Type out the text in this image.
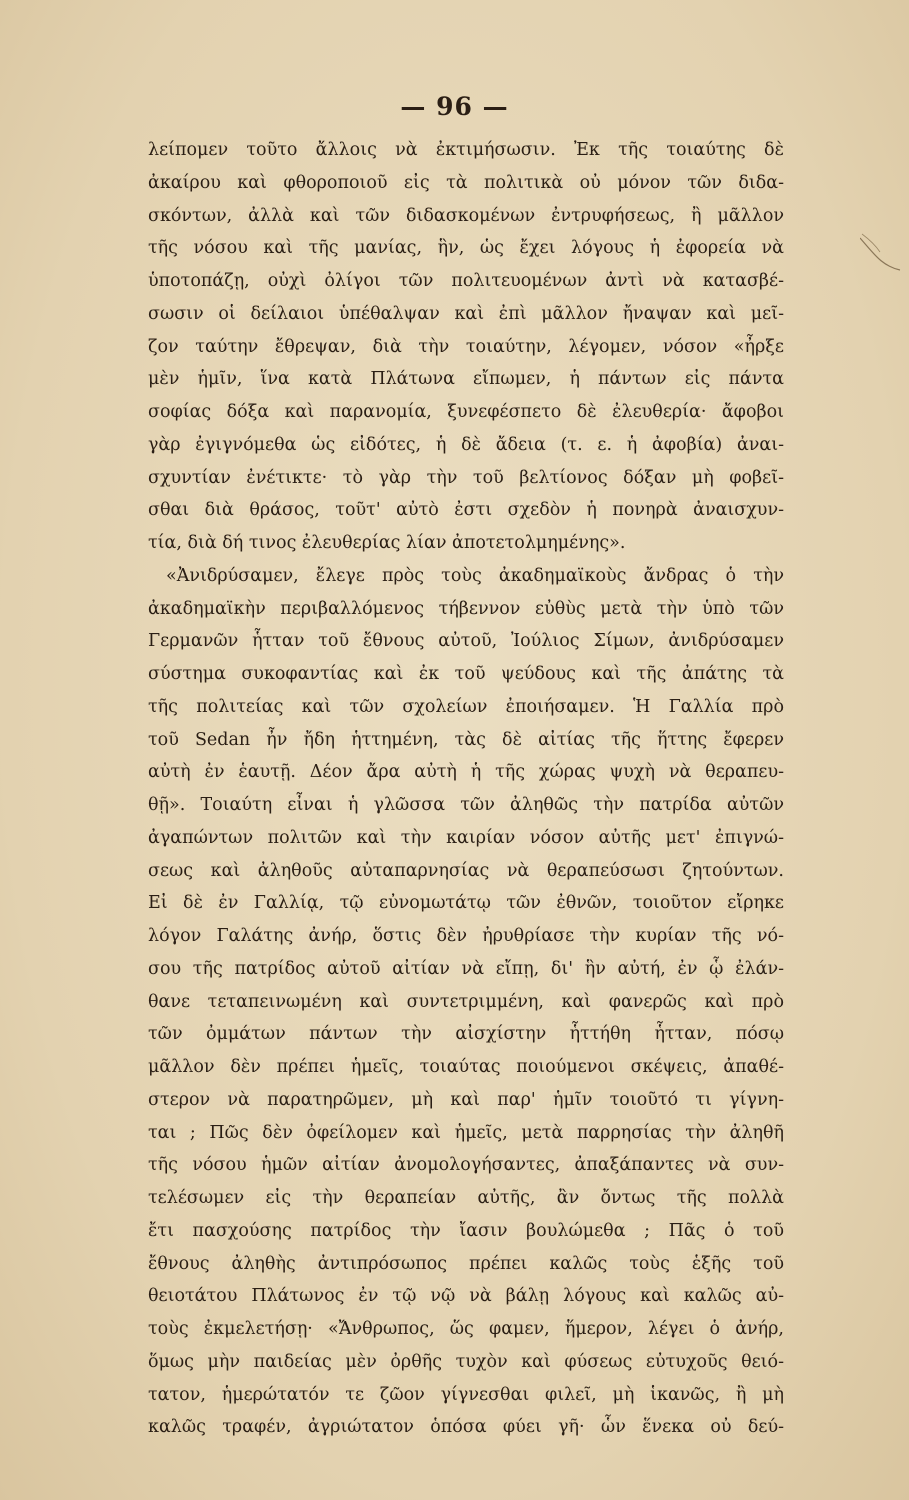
— 96 —
λείπομεν τοῦτο ἄλλοις νὰ ἐκτιμήσωσιν. Ἐκ τῆς τοιαύτης δὲ
ἀκαίρου καὶ φθοροποιοῦ εἰς τὰ πολιτικὰ οὐ μόνον τῶν διδα-
σκόντων, ἀλλὰ καὶ τῶν διδασκομένων ἐντρυφήσεως, ἢ μᾶλλον
τῆς νόσου καὶ τῆς μανίας, ἣν, ὡς ἔχει λόγους ἡ ἐφορεία νὰ
ὑποτοπάζῃ, οὐχὶ ὀλίγοι τῶν πολιτευομένων ἀντὶ νὰ κατασβέ-
σωσιν οἱ δείλαιοι ὑπέθαλψαν καὶ ἐπὶ μᾶλλον ἤναψαν καὶ μεῖ-
ζον ταύτην ἔθρεψαν, διὰ τὴν τοιαύτην, λέγομεν, νόσον «ἦρξε
μὲν ἡμῖν, ἵνα κατὰ Πλάτωνα εἴπωμεν, ἡ πάντων εἰς πάντα
σοφίας δόξα καὶ παρανομία, ξυνεφέσπετο δὲ ἐλευθερία· ἄφοβοι
γὰρ ἐγιγνόμεθα ὡς εἰδότες, ἡ δὲ ἄδεια (τ. ε. ἡ ἀφοβία) ἀναι-
σχυντίαν ἐνέτικτε· τὸ γὰρ τὴν τοῦ βελτίονος δόξαν μὴ φοβεῖ-
σθαι διὰ θράσος, τοῦτ' αὐτὸ ἐστι σχεδὸν ἡ πονηρὰ ἀναισχυν-
τία, διὰ δή τινος ἐλευθερίας λίαν ἀποτετολμημένης».
«Ἀνιδρύσαμεν, ἔλεγε πρὸς τοὺς ἀκαδημαϊκοὺς ἄνδρας ὁ τὴν
ἀκαδημαϊκὴν περιβαλλόμενος τήβεννον εὐθὺς μετὰ τὴν ὑπὸ τῶν
Γερμανῶν ἧτταν τοῦ ἔθνους αὐτοῦ, Ἰούλιος Σίμων, ἀνιδρύσαμεν
σύστημα συκοφαντίας καὶ ἐκ τοῦ ψεύδους καὶ τῆς ἀπάτης τὰ
τῆς πολιτείας καὶ τῶν σχολείων ἐποιήσαμεν. Ἡ Γαλλία πρὸ
τοῦ Sedan ἦν ἤδη ἡττημένη, τὰς δὲ αἰτίας τῆς ἥττης ἔφερεν
αὐτὴ ἐν ἑαυτῇ. Δέον ἄρα αὐτὴ ἡ τῆς χώρας ψυχὴ νὰ θεραπευ-
θῇ». Τοιαύτη εἶναι ἡ γλῶσσα τῶν ἀληθῶς τὴν πατρίδα αὐτῶν
ἀγαπώντων πολιτῶν καὶ τὴν καιρίαν νόσον αὐτῆς μετ' ἐπιγνώ-
σεως καὶ ἀληθοῦς αὐταπαρνησίας νὰ θεραπεύσωσι ζητούντων.
Εἰ δὲ ἐν Γαλλίᾳ, τῷ εὐνομωτάτῳ τῶν ἐθνῶν, τοιοῦτον εἴρηκε
λόγον Γαλάτης ἀνήρ, ὅστις δὲν ἠρυθρίασε τὴν κυρίαν τῆς νό-
σου τῆς πατρίδος αὐτοῦ αἰτίαν νὰ εἴπῃ, δι' ἣν αὐτή, ἐν ᾧ ἐλάν-
θανε τεταπεινωμένη καὶ συντετριμμένη, καὶ φανερῶς καὶ πρὸ
τῶν ὀμμάτων πάντων τὴν αἰσχίστην ἧττήθη ἧτταν, πόσῳ
μᾶλλον δὲν πρέπει ἡμεῖς, τοιαύτας ποιούμενοι σκέψεις, ἀπαθέ-
στερον νὰ παρατηρῶμεν, μὴ καὶ παρ' ἡμῖν τοιοῦτό τι γίγνη-
ται ; Πῶς δὲν ὀφείλομεν καὶ ἡμεῖς, μετὰ παρρησίας τὴν ἀληθῆ
τῆς νόσου ἡμῶν αἰτίαν ἀνομολογήσαντες, ἀπαξάπαντες νὰ συν-
τελέσωμεν εἰς τὴν θεραπείαν αὐτῆς, ἂν ὄντως τῆς πολλὰ
ἔτι πασχούσης πατρίδος τὴν ἴασιν βουλώμεθα ; Πᾶς ὁ τοῦ
ἔθνους ἀληθὴς ἀντιπρόσωπος πρέπει καλῶς τοὺς ἑξῆς τοῦ
θειοτάτου Πλάτωνος ἐν τῷ νῷ νὰ βάλῃ λόγους καὶ καλῶς αὐ-
τοὺς ἐκμελετήσῃ· «Ἄνθρωπος, ὥς φαμεν, ἥμερον, λέγει ὁ ἀνήρ,
ὅμως μὴν παιδείας μὲν ὀρθῆς τυχὸν καὶ φύσεως εὐτυχοῦς θειό-
τατον, ἡμερώτατόν τε ζῶον γίγνεσθαι φιλεῖ, μὴ ἱκανῶς, ἢ μὴ
καλῶς τραφέν, ἀγριώτατον ὁπόσα φύει γῆ· ὧν ἕνεκα οὐ δεύ-
